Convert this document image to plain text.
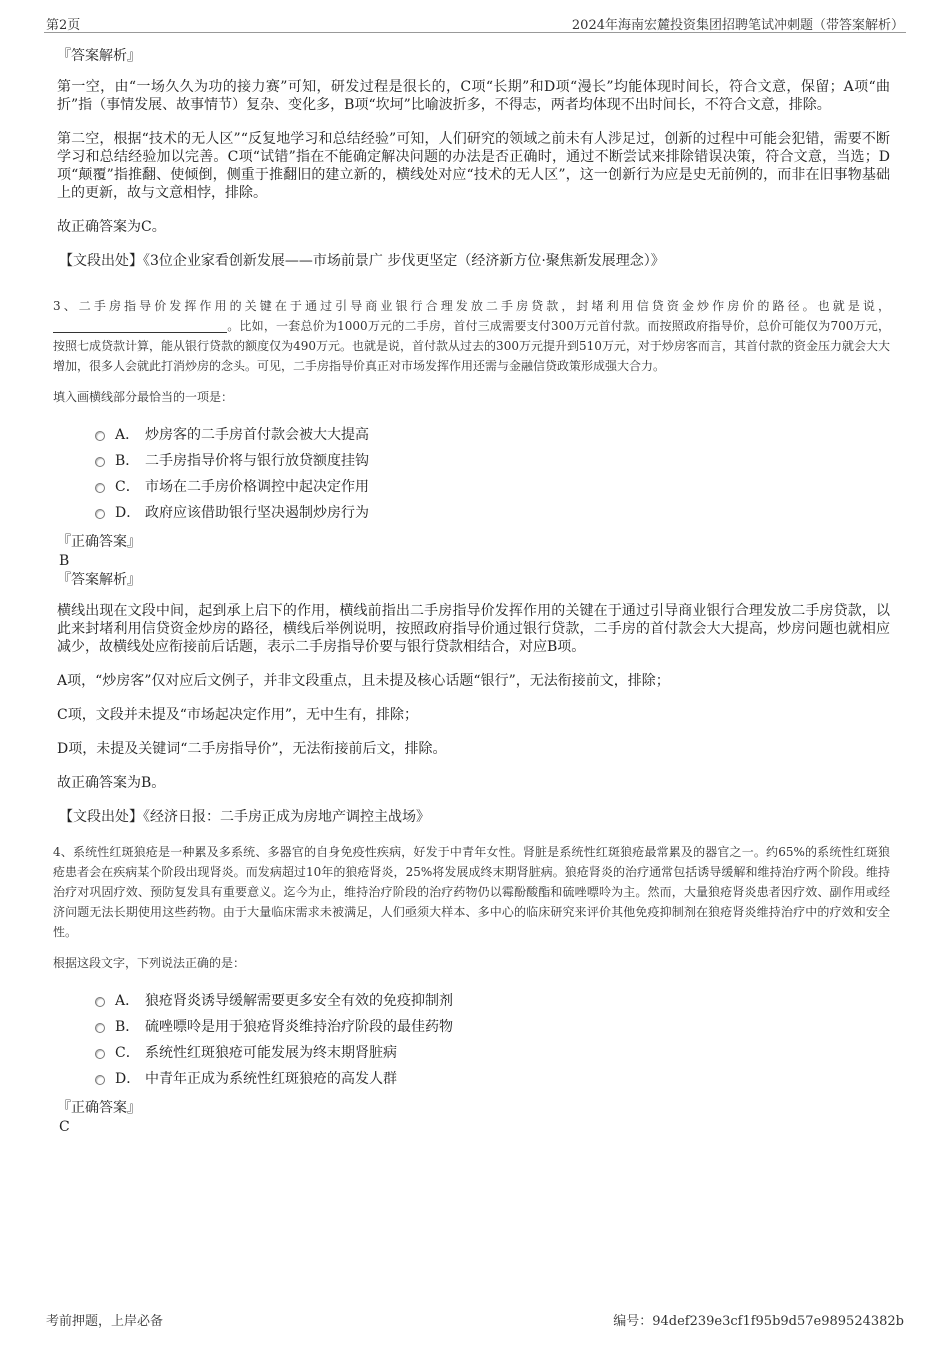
第2页	2024年海南宏麓投资集团招聘笔试冲刺题（带答案解析）

『答案解析』

第一空，由“一场久久为功的接力赛”可知，研发过程是很长的，C项“长期”和D项“漫长”均能体现时间长，符合文意，保留；A项“曲折”指（事情发展、故事情节）复杂、变化多，B项“坎坷”比喻波折多，不得志，两者均体现不出时间长，不符合文意，排除。

第二空，根据“技术的无人区”“反复地学习和总结经验”可知，人们研究的领域之前未有人涉足过，创新的过程中可能会犯错，需要不断学习和总结经验加以完善。C项“试错”指在不能确定解决问题的办法是否正确时，通过不断尝试来排除错误决策，符合文意，当选；D项“颠覆”指推翻、使倾倒，侧重于推翻旧的建立新的，横线处对应“技术的无人区”，这一创新行为应是史无前例的，而非在旧事物基础上的更新，故与文意相悖，排除。

故正确答案为C。

【文段出处】《3位企业家看创新发展——市场前景广 步伐更坚定（经济新方位·聚焦新发展理念）》

3、二手房指导价发挥作用的关键在于通过引导商业银行合理发放二手房贷款，封堵利用信贷资金炒作房价的路径。也就是说，。比如，一套总价为1000万元的二手房，首付三成需要支付300万元首付款。而按照政府指导价，总价可能仅为700万元，按照七成贷款计算，能从银行贷款的额度仅为490万元。也就是说，首付款从过去的300万元提升到510万元，对于炒房客而言，其首付款的资金压力就会大大增加，很多人会就此打消炒房的念头。可见，二手房指导价真正对市场发挥作用还需与金融信贷政策形成强大合力。

填入画横线部分最恰当的一项是：

A． 炒房客的二手房首付款会被大大提高
B． 二手房指导价将与银行放贷额度挂钩
C． 市场在二手房价格调控中起决定作用
D． 政府应该借助银行坚决遏制炒房行为

『正确答案』

B

『答案解析』

横线出现在文段中间，起到承上启下的作用，横线前指出二手房指导价发挥作用的关键在于通过引导商业银行合理发放二手房贷款，以此来封堵利用信贷资金炒房的路径，横线后举例说明，按照政府指导价通过银行贷款，二手房的首付款会大大提高，炒房问题也就相应减少，故横线处应衔接前后话题，表示二手房指导价要与银行贷款相结合，对应B项。

A项，“炒房客”仅对应后文例子，并非文段重点，且未提及核心话题“银行”，无法衔接前文，排除；

C项，文段并未提及“市场起决定作用”，无中生有，排除；

D项，未提及关键词“二手房指导价”，无法衔接前后文，排除。

故正确答案为B。

【文段出处】《经济日报：二手房正成为房地产调控主战场》

4、系统性红斑狼疮是一种累及多系统、多器官的自身免疫性疾病，好发于中青年女性。肾脏是系统性红斑狼疮最常累及的器官之一。约65%的系统性红斑狼疮患者会在疾病某个阶段出现肾炎。而发病超过10年的狼疮肾炎，25%将发展成终末期肾脏病。狼疮肾炎的治疗通常包括诱导缓解和维持治疗两个阶段。维持治疗对巩固疗效、预防复发具有重要意义。迄今为止，维持治疗阶段的治疗药物仍以霉酚酸酯和硫唑嘌呤为主。然而，大量狼疮肾炎患者因疗效、副作用或经济问题无法长期使用这些药物。由于大量临床需求未被满足，人们亟须大样本、多中心的临床研究来评价其他免疫抑制剂在狼疮肾炎维持治疗中的疗效和安全性。

根据这段文字，下列说法正确的是：

A． 狼疮肾炎诱导缓解需要更多安全有效的免疫抑制剂
B． 硫唑嘌呤是用于狼疮肾炎维持治疗阶段的最佳药物
C． 系统性红斑狼疮可能发展为终末期肾脏病
D． 中青年正成为系统性红斑狼疮的高发人群

『正确答案』

C

考前押题，上岸必备	编号：94def239e3cf1f95b9d57e989524382b
